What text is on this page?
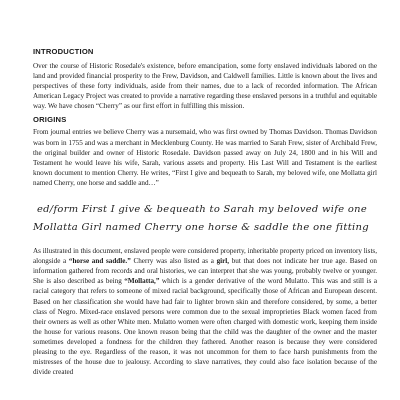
INTRODUCTION

Over the course of Historic Rosedale's existence, before emancipation, some forty enslaved individuals labored on the land and provided financial prosperity to the Frew, Davidson, and Caldwell families. Little is known about the lives and perspectives of these forty individuals, aside from their names, due to a lack of recorded information. The African American Legacy Project was created to provide a narrative regarding these enslaved persons in a truthful and equitable way. We have chosen “Cherry” as our first effort in fulfilling this mission.

ORIGINS

From journal entries we believe Cherry was a nursemaid, who was first owned by Thomas Davidson. Thomas Davidson was born in 1755 and was a merchant in Mecklenburg County. He was married to Sarah Frew, sister of Archibald Frew, the original builder and owner of Historic Rosedale. Davidson passed away on July 24, 1800 and in his Will and Testament he would leave his wife, Sarah, various assets and property. His Last Will and Testament is the earliest known document to mention Cherry. He writes, “First I give and bequeath to Sarah, my beloved wife, one Mollatta girl named Cherry, one horse and saddle and…”

ed/form First I give & bequeath to Sarah my beloved wife one
Mollatta Girl named Cherry one horse & saddle the one fitting

As illustrated in this document, enslaved people were considered property, inheritable property priced on inventory lists, alongside a “horse and saddle.” Cherry was also listed as a girl, but that does not indicate her true age. Based on information gathered from records and oral histories, we can interpret that she was young, probably twelve or younger. She is also described as being “Mollatta,” which is a gender derivative of the word Mulatto. This was and still is a racial category that refers to someone of mixed racial background, specifically those of African and European descent. Based on her classification she would have had fair to lighter brown skin and therefore considered, by some, a better class of Negro. Mixed-race enslaved persons were common due to the sexual improprieties Black women faced from their owners as well as other White men. Mulatto women were often charged with domestic work, keeping them inside the house for various reasons. One known reason being that the child was the daughter of the owner and the master sometimes developed a fondness for the children they fathered. Another reason is because they were considered pleasing to the eye. Regardless of the reason, it was not uncommon for them to face harsh punishments from the mistresses of the house due to jealousy. According to slave narratives, they could also face isolation because of the divide created
